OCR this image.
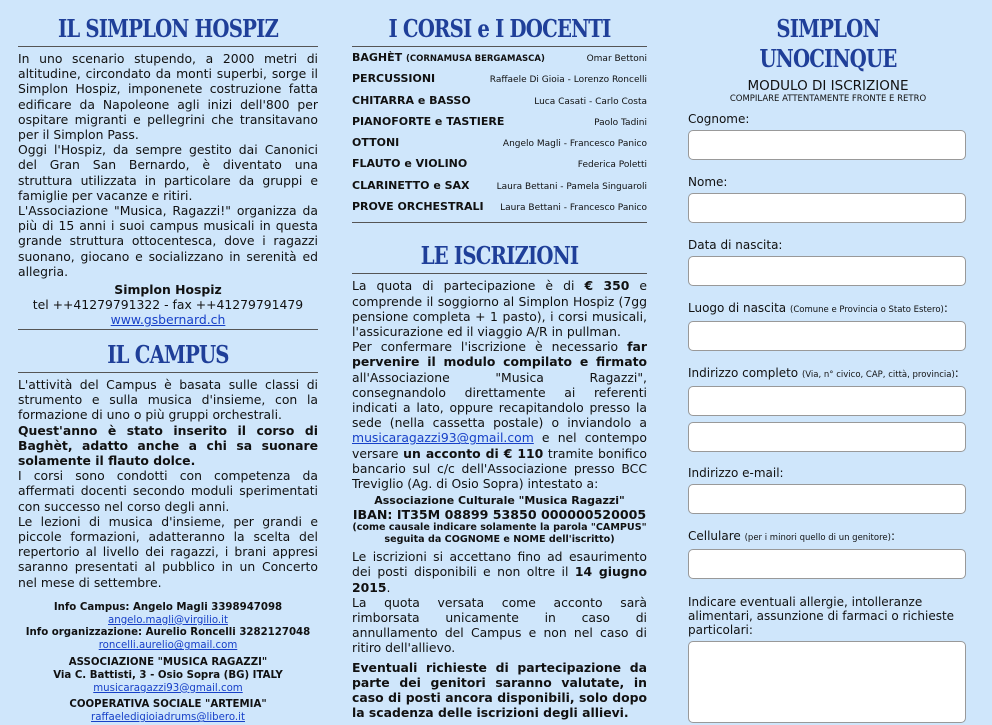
IL SIMPLON HOSPIZ

In uno scenario stupendo, a 2000 metri di altitudine, circondato da monti superbi, sorge il Simplon Hospiz, imponenete costruzione fatta edificare da Napoleone agli inizi dell'800 per ospitare migranti e pellegrini che transitavano per il Simplon Pass.

Oggi l'Hospiz, da sempre gestito dai Canonici del Gran San Bernardo, è diventato una struttura utilizzata in particolare da gruppi e famiglie per vacanze e ritiri.

L'Associazione "Musica, Ragazzi!" organizza da più di 15 anni i suoi campus musicali in questa grande struttura ottocentesca, dove i ragazzi suonano, giocano e socializzano in serenità ed allegria.

Simplon Hospiz
tel ++41279791322 - fax ++41279791479
www.gsbernard.ch
IL CAMPUS

L'attività del Campus è basata sulle classi di strumento e sulla musica d'insieme, con la formazione di uno o più gruppi orchestrali.

Quest'anno è stato inserito il corso di Baghèt, adatto anche a chi sa suonare solamente il flauto dolce.

I corsi sono condotti con competenza da affermati docenti secondo moduli sperimentati con successo nel corso degli anni.

Le lezioni di musica d'insieme, per grandi e piccole formazioni, adatteranno la scelta del repertorio al livello dei ragazzi, i brani appresi saranno presentati al pubblico in un Concerto nel mese di settembre.

Info Campus: Angelo Magli 3398947098
angelo.magli@virgilio.it
Info organizzazione: Aurelio Roncelli 3282127048
roncelli.aurelio@gmail.com
ASSOCIAZIONE "MUSICA RAGAZZI"
Via C. Battisti, 3 - Osio Sopra (BG) ITALY
musicaragazzi93@gmail.com
COOPERATIVA SOCIALE "ARTEMIA"
raffaeledigioiadrums@libero.it
I CORSI e I DOCENTI
BAGHÈT (CORNAMUSA BERGAMASCA)	Omar Bettoni
PERCUSSIONI	Raffaele Di Gioia - Lorenzo Roncelli
CHITARRA e BASSO	Luca Casati - Carlo Costa
PIANOFORTE e TASTIERE	Paolo Tadini
OTTONI	Angelo Magli - Francesco Panico
FLAUTO e VIOLINO	Federica Poletti
CLARINETTO e SAX	Laura Bettani - Pamela Singuaroli
PROVE ORCHESTRALI Laura Bettani - Francesco Panico
LE ISCRIZIONI

La quota di partecipazione è di € 350 e comprende il soggiorno al Simplon Hospiz (7gg pensione completa + 1 pasto), i corsi musicali, l'assicurazione ed il viaggio A/R in pullman.

Per confermare l'iscrizione è necessario far pervenire il modulo compilato e firmato all'Associazione "Musica Ragazzi", consegnandolo direttamente ai referenti indicati a lato, oppure recapitandolo presso la sede (nella cassetta postale) o inviandolo a musicaragazzi93@gmail.com e nel contempo versare un acconto di € 110 tramite bonifico bancario sul c/c dell'Associazione presso BCC Treviglio (Ag. di Osio Sopra) intestato a:

Associazione Culturale "Musica Ragazzi"
IBAN: IT35M 08899 53850 000000520005
(come causale indicare solamente la parola "CAMPUS" seguita da COGNOME e NOME dell'iscritto)

Le iscrizioni si accettano fino ad esaurimento dei posti disponibili e non oltre il 14 giugno 2015.

La quota versata come acconto sarà rimborsata unicamente in caso di annullamento del Campus e non nel caso di ritiro dell'allievo.

Eventuali richieste di partecipazione da parte dei genitori saranno valutate, in caso di posti ancora disponibili, solo dopo la scadenza delle iscrizioni degli allievi.

SIMPLON UNOCINQUE
MODULO DI ISCRIZIONE
COMPILARE ATTENTAMENTE FRONTE E RETRO

Cognome:

Nome:

Data di nascita:

Luogo di nascita (Comune e Provincia o Stato Estero):

Indirizzo completo (Via, n° civico, CAP, città, provincia):

Indirizzo e-mail:

Cellulare (per i minori quello di un genitore):

Indicare eventuali allergie, intolleranze alimentari, assunzione di farmaci o richieste particolari:
